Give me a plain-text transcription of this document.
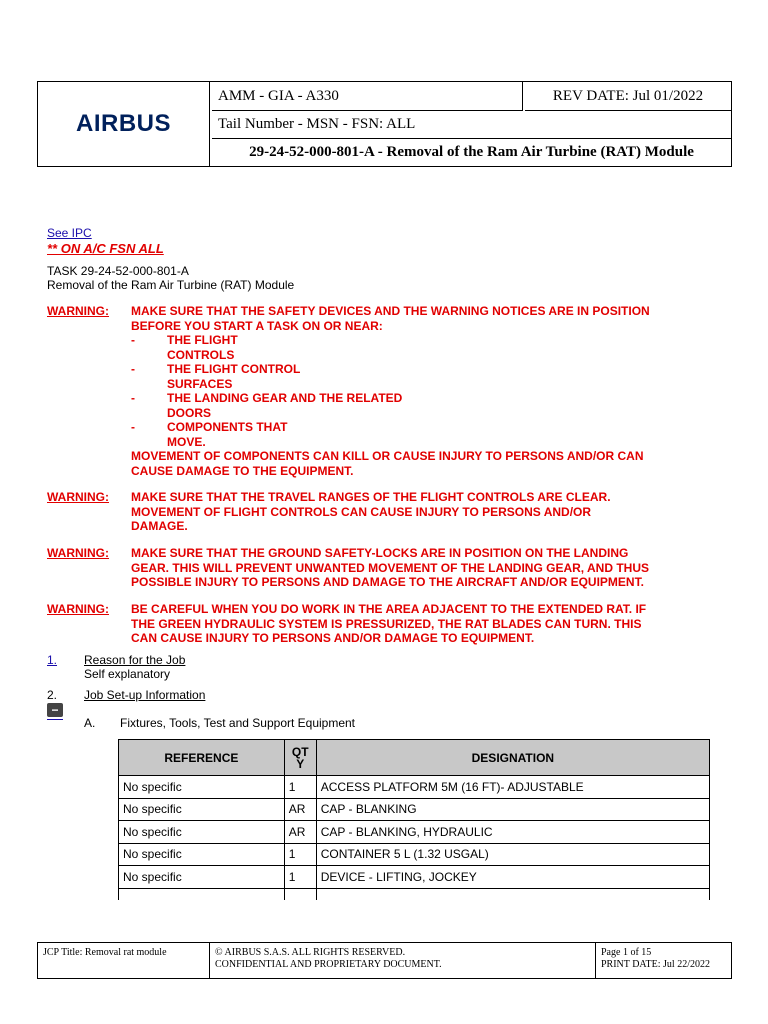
AIRBUS
AMM - GIA - A330	REV DATE: Jul 01/2022
Tail Number - MSN - FSN: ALL
29-24-52-000-801-A - Removal of the Ram Air Turbine (RAT) Module
See IPC
** ON A/C FSN ALL
TASK 29-24-52-000-801-A
Removal of the Ram Air Turbine (RAT) Module
WARNING: MAKE SURE THAT THE SAFETY DEVICES AND THE WARNING NOTICES ARE IN POSITION
BEFORE YOU START A TASK ON OR NEAR:
-	THE FLIGHT
CONTROLS
-	THE FLIGHT CONTROL
SURFACES
-	THE LANDING GEAR AND THE RELATED
DOORS
-	COMPONENTS THAT
MOVE.
MOVEMENT OF COMPONENTS CAN KILL OR CAUSE INJURY TO PERSONS AND/OR CAN
CAUSE DAMAGE TO THE EQUIPMENT.
WARNING: MAKE SURE THAT THE TRAVEL RANGES OF THE FLIGHT CONTROLS ARE CLEAR.
MOVEMENT OF FLIGHT CONTROLS CAN CAUSE INJURY TO PERSONS AND/OR
DAMAGE.
WARNING: MAKE SURE THAT THE GROUND SAFETY-LOCKS ARE IN POSITION ON THE LANDING
GEAR. THIS WILL PREVENT UNWANTED MOVEMENT OF THE LANDING GEAR, AND THUS
POSSIBLE INJURY TO PERSONS AND DAMAGE TO THE AIRCRAFT AND/OR EQUIPMENT.
WARNING: BE CAREFUL WHEN YOU DO WORK IN THE AREA ADJACENT TO THE EXTENDED RAT. IF
THE GREEN HYDRAULIC SYSTEM IS PRESSURIZED, THE RAT BLADES CAN TURN. THIS
CAN CAUSE INJURY TO PERSONS AND/OR DAMAGE TO EQUIPMENT.
1. Reason for the Job
Self explanatory
2. Job Set-up Information
−
A. Fixtures, Tools, Test and Support Equipment
REFERENCE	QT
Y	DESIGNATION
No specific	1	ACCESS PLATFORM 5M (16 FT)- ADJUSTABLE
No specific	AR	CAP - BLANKING
No specific	AR	CAP - BLANKING, HYDRAULIC
No specific	1	CONTAINER 5 L (1.32 USGAL)
No specific	1	DEVICE - LIFTING, JOCKEY

JCP Title: Removal rat module	© AIRBUS S.A.S. ALL RIGHTS RESERVED.
CONFIDENTIAL AND PROPRIETARY DOCUMENT.
Page 1 of 15
PRINT DATE: Jul 22/2022
